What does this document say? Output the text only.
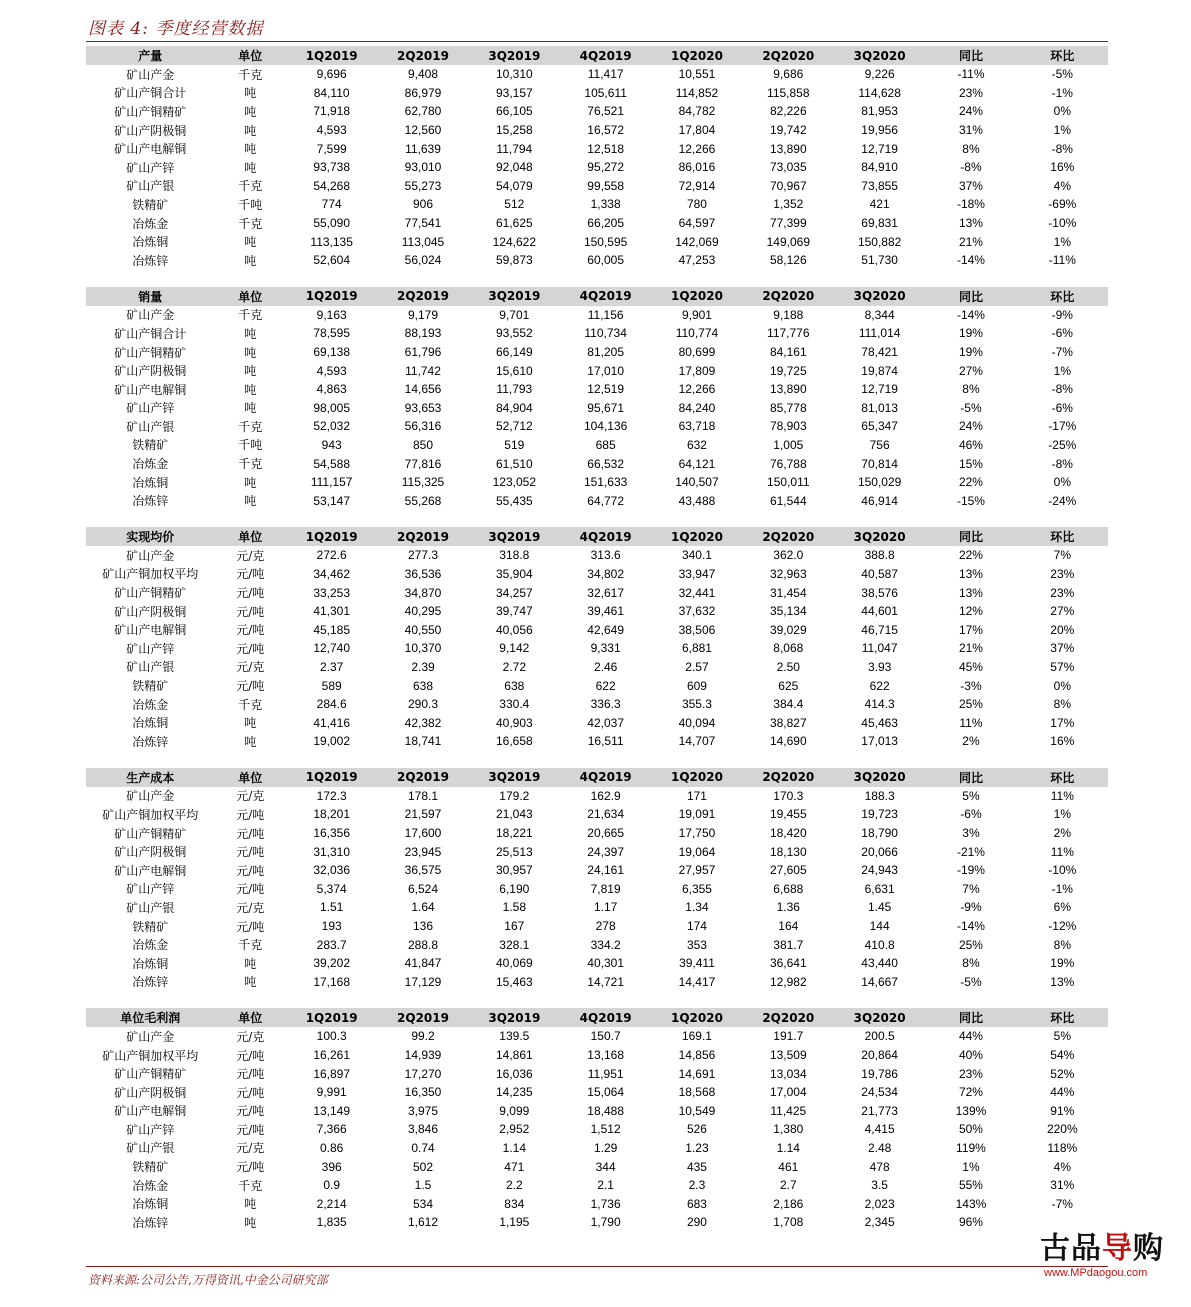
图表 4: 季度经营数据
产量	单位	1Q2019	2Q2019	3Q2019	4Q2019	1Q2020	2Q2020	3Q2020	同比	环比
矿山产金	千克	9,696	9,408	10,310	11,417	10,551	9,686	9,226	-11%	-5%
矿山产铜合计	吨	84,110	86,979	93,157	105,611	114,852	115,858	114,628	23%	-1%
矿山产铜精矿	吨	71,918	62,780	66,105	76,521	84,782	82,226	81,953	24%	0%
矿山产阴极铜	吨	4,593	12,560	15,258	16,572	17,804	19,742	19,956	31%	1%
矿山产电解铜	吨	7,599	11,639	11,794	12,518	12,266	13,890	12,719	8%	-8%
矿山产锌	吨	93,738	93,010	92,048	95,272	86,016	73,035	84,910	-8%	16%
矿山产银	千克	54,268	55,273	54,079	99,558	72,914	70,967	73,855	37%	4%
铁精矿	千吨	774	906	512	1,338	780	1,352	421	-18%	-69%
冶炼金	千克	55,090	77,541	61,625	66,205	64,597	77,399	69,831	13%	-10%
冶炼铜	吨	113,135	113,045	124,622	150,595	142,069	149,069	150,882	21%	1%
冶炼锌	吨	52,604	56,024	59,873	60,005	47,253	58,126	51,730	-14%	-11%
销量	单位	1Q2019	2Q2019	3Q2019	4Q2019	1Q2020	2Q2020	3Q2020	同比	环比
矿山产金	千克	9,163	9,179	9,701	11,156	9,901	9,188	8,344	-14%	-9%
矿山产铜合计	吨	78,595	88,193	93,552	110,734	110,774	117,776	111,014	19%	-6%
矿山产铜精矿	吨	69,138	61,796	66,149	81,205	80,699	84,161	78,421	19%	-7%
矿山产阴极铜	吨	4,593	11,742	15,610	17,010	17,809	19,725	19,874	27%	1%
矿山产电解铜	吨	4,863	14,656	11,793	12,519	12,266	13,890	12,719	8%	-8%
矿山产锌	吨	98,005	93,653	84,904	95,671	84,240	85,778	81,013	-5%	-6%
矿山产银	千克	52,032	56,316	52,712	104,136	63,718	78,903	65,347	24%	-17%
铁精矿	千吨	943	850	519	685	632	1,005	756	46%	-25%
冶炼金	千克	54,588	77,816	61,510	66,532	64,121	76,788	70,814	15%	-8%
冶炼铜	吨	111,157	115,325	123,052	151,633	140,507	150,011	150,029	22%	0%
冶炼锌	吨	53,147	55,268	55,435	64,772	43,488	61,544	46,914	-15%	-24%
实现均价	单位	1Q2019	2Q2019	3Q2019	4Q2019	1Q2020	2Q2020	3Q2020	同比	环比
矿山产金	元/克	272.6	277.3	318.8	313.6	340.1	362.0	388.8	22%	7%
矿山产铜加权平均	元/吨	34,462	36,536	35,904	34,802	33,947	32,963	40,587	13%	23%
矿山产铜精矿	元/吨	33,253	34,870	34,257	32,617	32,441	31,454	38,576	13%	23%
矿山产阴极铜	元/吨	41,301	40,295	39,747	39,461	37,632	35,134	44,601	12%	27%
矿山产电解铜	元/吨	45,185	40,550	40,056	42,649	38,506	39,029	46,715	17%	20%
矿山产锌	元/吨	12,740	10,370	9,142	9,331	6,881	8,068	11,047	21%	37%
矿山产银	元/克	2.37	2.39	2.72	2.46	2.57	2.50	3.93	45%	57%
铁精矿	元/吨	589	638	638	622	609	625	622	-3%	0%
冶炼金	千克	284.6	290.3	330.4	336.3	355.3	384.4	414.3	25%	8%
冶炼铜	吨	41,416	42,382	40,903	42,037	40,094	38,827	45,463	11%	17%
冶炼锌	吨	19,002	18,741	16,658	16,511	14,707	14,690	17,013	2%	16%
生产成本	单位	1Q2019	2Q2019	3Q2019	4Q2019	1Q2020	2Q2020	3Q2020	同比	环比
矿山产金	元/克	172.3	178.1	179.2	162.9	171	170.3	188.3	5%	11%
矿山产铜加权平均	元/吨	18,201	21,597	21,043	21,634	19,091	19,455	19,723	-6%	1%
矿山产铜精矿	元/吨	16,356	17,600	18,221	20,665	17,750	18,420	18,790	3%	2%
矿山产阴极铜	元/吨	31,310	23,945	25,513	24,397	19,064	18,130	20,066	-21%	11%
矿山产电解铜	元/吨	32,036	36,575	30,957	24,161	27,957	27,605	24,943	-19%	-10%
矿山产锌	元/吨	5,374	6,524	6,190	7,819	6,355	6,688	6,631	7%	-1%
矿山产银	元/克	1.51	1.64	1.58	1.17	1.34	1.36	1.45	-9%	6%
铁精矿	元/吨	193	136	167	278	174	164	144	-14%	-12%
冶炼金	千克	283.7	288.8	328.1	334.2	353	381.7	410.8	25%	8%
冶炼铜	吨	39,202	41,847	40,069	40,301	39,411	36,641	43,440	8%	19%
冶炼锌	吨	17,168	17,129	15,463	14,721	14,417	12,982	14,667	-5%	13%
单位毛利润	单位	1Q2019	2Q2019	3Q2019	4Q2019	1Q2020	2Q2020	3Q2020	同比	环比
矿山产金	元/克	100.3	99.2	139.5	150.7	169.1	191.7	200.5	44%	5%
矿山产铜加权平均	元/吨	16,261	14,939	14,861	13,168	14,856	13,509	20,864	40%	54%
矿山产铜精矿	元/吨	16,897	17,270	16,036	11,951	14,691	13,034	19,786	23%	52%
矿山产阴极铜	元/吨	9,991	16,350	14,235	15,064	18,568	17,004	24,534	72%	44%
矿山产电解铜	元/吨	13,149	3,975	9,099	18,488	10,549	11,425	21,773	139%	91%
矿山产锌	元/吨	7,366	3,846	2,952	1,512	526	1,380	4,415	50%	220%
矿山产银	元/克	0.86	0.74	1.14	1.29	1.23	1.14	2.48	119%	118%
铁精矿	元/吨	396	502	471	344	435	461	478	1%	4%
冶炼金	千克	0.9	1.5	2.2	2.1	2.3	2.7	3.5	55%	31%
冶炼铜	吨	2,214	534	834	1,736	683	2,186	2,023	143%	-7%
冶炼锌	吨	1,835	1,612	1,195	1,790	290	1,708	2,345	96%	
资料来源:公司公告,万得资讯,中金公司研究部
古品导购
www.MPdaogou.com
